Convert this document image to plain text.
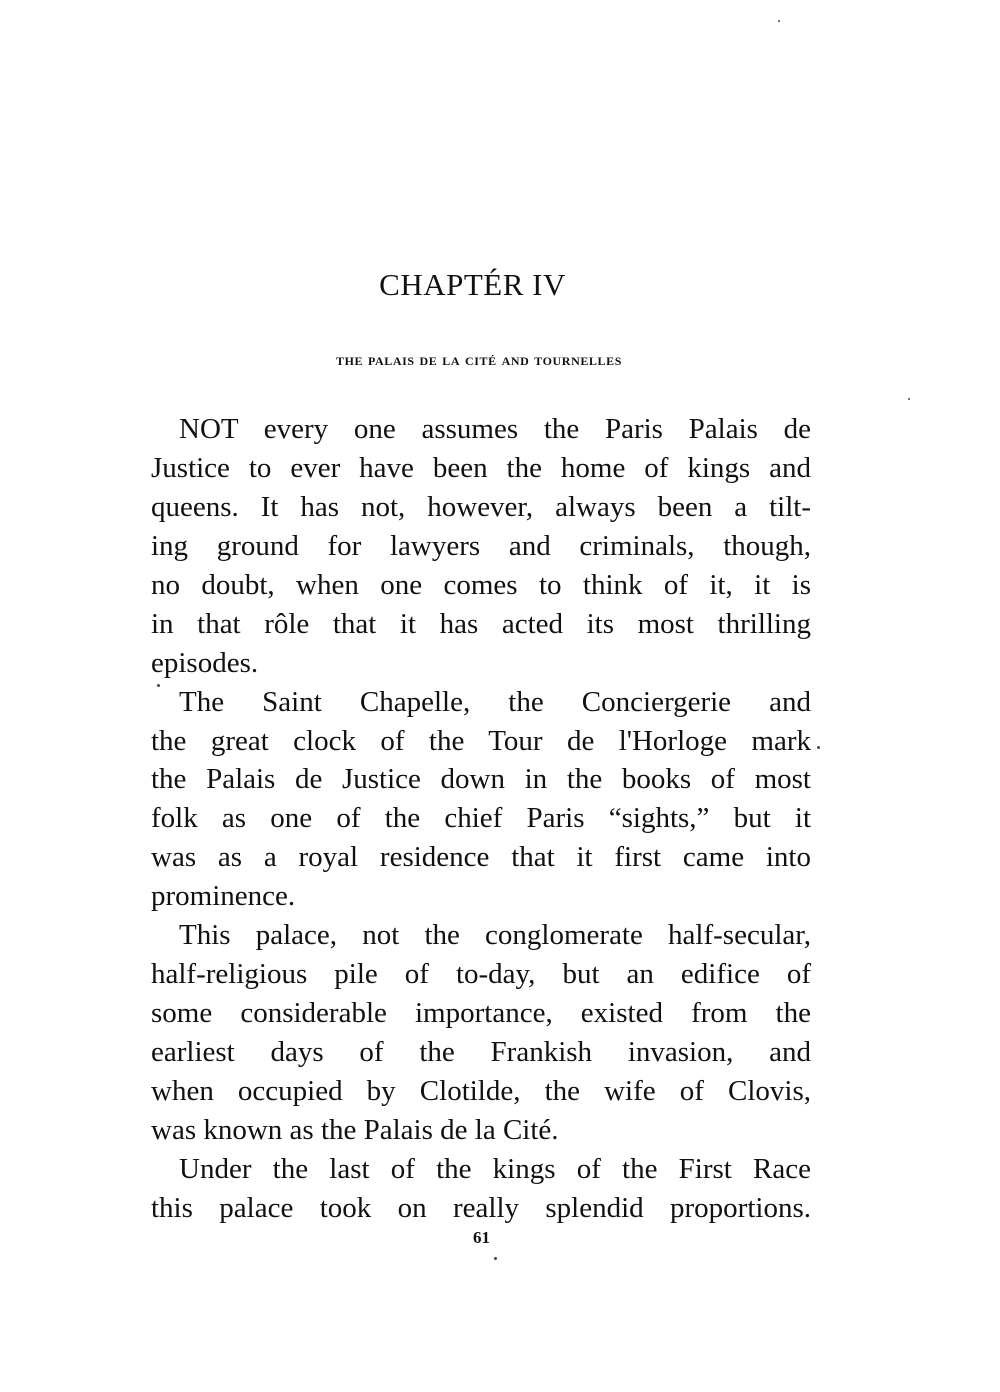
CHAPTÉR IV
the palais de la cité and tournelles
NOT every one assumes the Paris Palais de
Justice to ever have been the home of kings and
queens. It has not, however, always been a tilt-
ing ground for lawyers and criminals, though,
no doubt, when one comes to think of it, it is
in that rôle that it has acted its most thrilling
episodes.
The Saint Chapelle, the Conciergerie and
the great clock of the Tour de l'Horloge mark
the Palais de Justice down in the books of most
folk as one of the chief Paris “sights,” but it
was as a royal residence that it first came into
prominence.
This palace, not the conglomerate half-secular,
half-religious pile of to-day, but an edifice of
some considerable importance, existed from the
earliest days of the Frankish invasion, and
when occupied by Clotilde, the wife of Clovis,
was known as the Palais de la Cité.
Under the last of the kings of the First Race
this palace took on really splendid proportions.
61
